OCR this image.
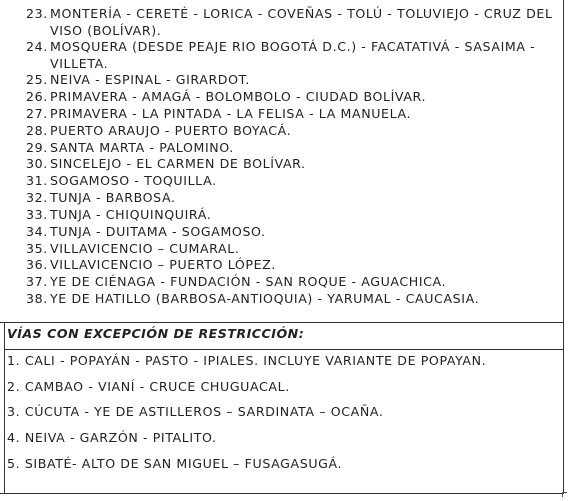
23. MONTERÍA - CERETÉ - LORICA - COVEÑAS - TOLÚ - TOLUVIEJO - CRUZ DEL VISO (BOLÍVAR).
24. MOSQUERA (DESDE PEAJE RIO BOGOTÁ D.C.) - FACATATIVÁ - SASAIMA - VILLETA.
25. NEIVA - ESPINAL - GIRARDOT.
26. PRIMAVERA - AMAGÁ - BOLOMBOLO - CIUDAD BOLÍVAR.
27. PRIMAVERA - LA PINTADA - LA FELISA - LA MANUELA.
28. PUERTO ARAUJO - PUERTO BOYACÁ.
29. SANTA MARTA - PALOMINO.
30. SINCELEJO - EL CARMEN DE BOLÍVAR.
31. SOGAMOSO - TOQUILLA.
32. TUNJA - BARBOSA.
33. TUNJA - CHIQUINQUIRÁ.
34. TUNJA - DUITAMA - SOGAMOSO.
35. VILLAVICENCIO – CUMARAL.
36. VILLAVICENCIO – PUERTO LÓPEZ.
37. YE DE CIÉNAGA - FUNDACIÓN - SAN ROQUE - AGUACHICA.
38. YE DE HATILLO (BARBOSA-ANTIOQUIA) - YARUMAL - CAUCASIA.
VÍAS CON EXCEPCIÓN DE RESTRICCIÓN:
1. CALI - POPAYÁN - PASTO - IPIALES. INCLUYE VARIANTE DE POPAYAN.
2. CAMBAO - VIANÍ - CRUCE CHUGUACAL.
3. CÚCUTA - YE DE ASTILLEROS – SARDINATA – OCAÑA.
4. NEIVA - GARZÓN - PITALITO.
5. SIBATÉ- ALTO DE SAN MIGUEL – FUSAGASUGÁ.
